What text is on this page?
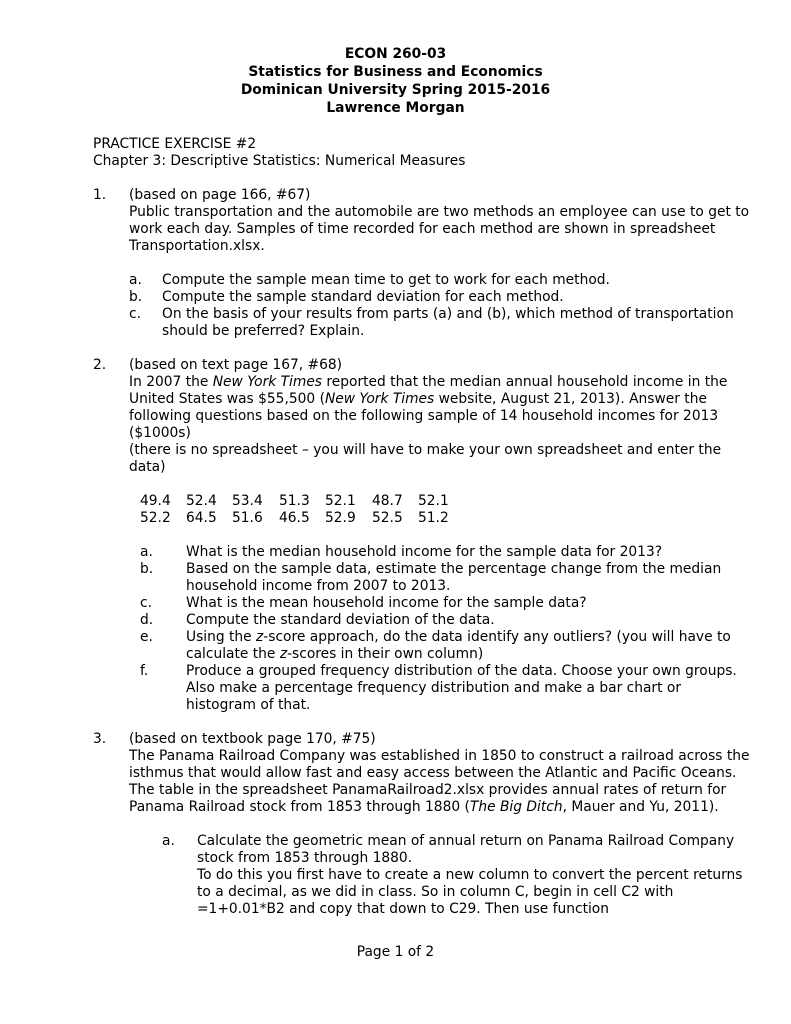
ECON 260-03
Statistics for Business and Economics
Dominican University Spring 2015-2016
Lawrence Morgan
PRACTICE EXERCISE #2
Chapter 3: Descriptive Statistics: Numerical Measures
1. (based on page 166, #67)
Public transportation and the automobile are two methods an employee can use to get to
work each day. Samples of time recorded for each method are shown in spreadsheet
Transportation.xlsx.
a. Compute the sample mean time to get to work for each method.
b. Compute the sample standard deviation for each method.
c. On the basis of your results from parts (a) and (b), which method of transportation
should be preferred? Explain.
2. (based on text page 167, #68)
In 2007 the New York Times reported that the median annual household income in the
United States was $55,500 (New York Times website, August 21, 2013). Answer the
following questions based on the following sample of 14 household incomes for 2013
($1000s)
(there is no spreadsheet – you will have to make your own spreadsheet and enter the
data)
49.4 52.4 53.4 51.3 52.1 48.7 52.1
52.2 64.5 51.6 46.5 52.9 52.5 51.2
a. What is the median household income for the sample data for 2013?
b. Based on the sample data, estimate the percentage change from the median
household income from 2007 to 2013.
c. What is the mean household income for the sample data?
d. Compute the standard deviation of the data.
e. Using the z-score approach, do the data identify any outliers? (you will have to
calculate the z-scores in their own column)
f.	Produce a grouped frequency distribution of the data. Choose your own groups.
Also make a percentage frequency distribution and make a bar chart or
histogram of that.
3. (based on textbook page 170, #75)
The Panama Railroad Company was established in 1850 to construct a railroad across the
isthmus that would allow fast and easy access between the Atlantic and Pacific Oceans.
The table in the spreadsheet PanamaRailroad2.xlsx provides annual rates of return for
Panama Railroad stock from 1853 through 1880 (The Big Ditch, Mauer and Yu, 2011).
a. Calculate the geometric mean of annual return on Panama Railroad Company
stock from 1853 through 1880.
To do this you first have to create a new column to convert the percent returns
to a decimal, as we did in class. So in column C, begin in cell C2 with
=1+0.01*B2 and copy that down to C29. Then use function
Page 1 of 2
